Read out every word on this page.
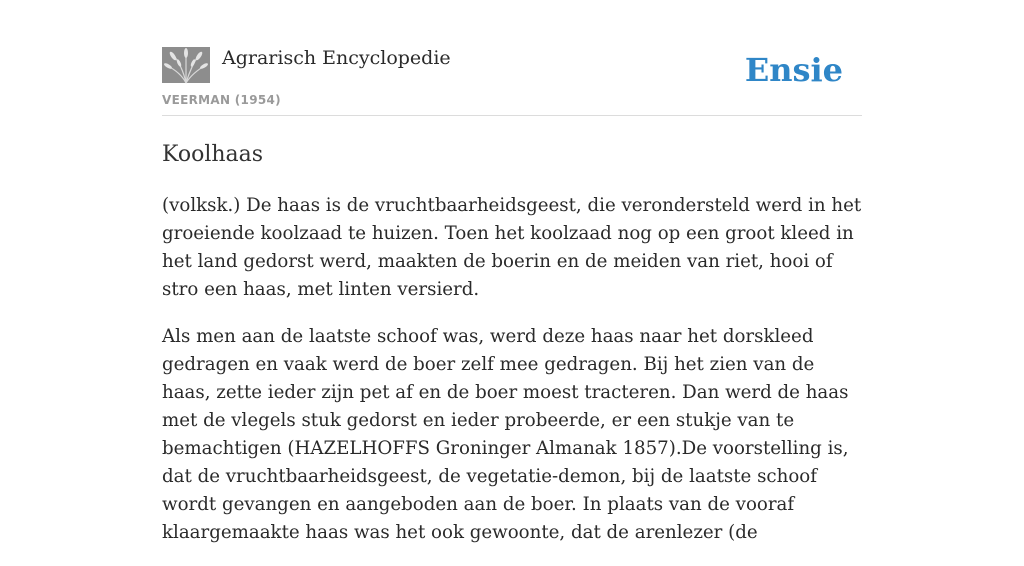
Agrarisch Encyclopedie
VEERMAN (1954)
Ensie
Koolhaas

(volksk.) De haas is de vruchtbaarheidsgeest, die verondersteld werd in het groeiende koolzaad te huizen. Toen het koolzaad nog op een groot kleed in het land gedorst werd, maakten de boerin en de meiden van riet, hooi of stro een haas, met linten versierd.

Als men aan de laatste schoof was, werd deze haas naar het dorskleed gedragen en vaak werd de boer zelf mee gedragen. Bij het zien van de haas, zette ieder zijn pet af en de boer moest tracteren. Dan werd de haas met de vlegels stuk gedorst en ieder probeerde, er een stukje van te bemachtigen (HAZELHOFFS Groninger Almanak 1857).De voorstelling is, dat de vruchtbaarheidsgeest, de vegetatie-demon, bij de laatste schoof wordt gevangen en aangeboden aan de boer. In plaats van de vooraf klaargemaakte haas was het ook gewoonte, dat de arenlezer (de
